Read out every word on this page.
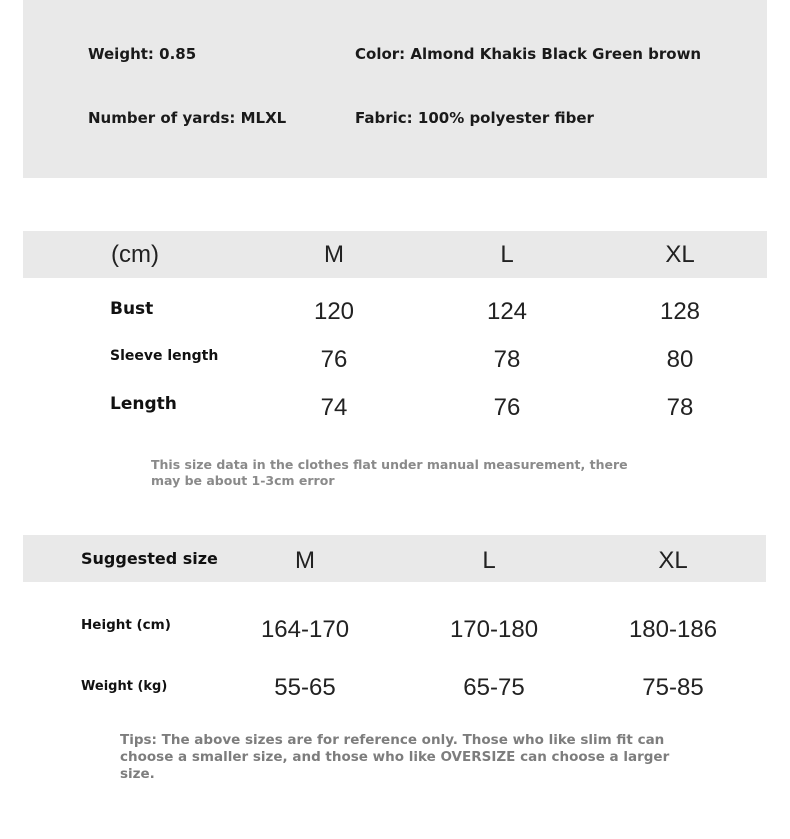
Weight: 0.85	Color: Almond Khakis Black Green brown
Number of yards: MLXL	Fabric: 100% polyester fiber
(cm)	M	L	XL
Bust	120	124	128
Sleeve length	76	78	80
Length	74	76	78
This size data in the clothes flat under manual measurement, there may be about 1-3cm error
Suggested size	M	L	XL
Height (cm)	164-170	170-180	180-186
Weight (kg)	55-65	65-75	75-85
Tips: The above sizes are for reference only. Those who like slim fit can choose a smaller size, and those who like OVERSIZE can choose a larger size.
